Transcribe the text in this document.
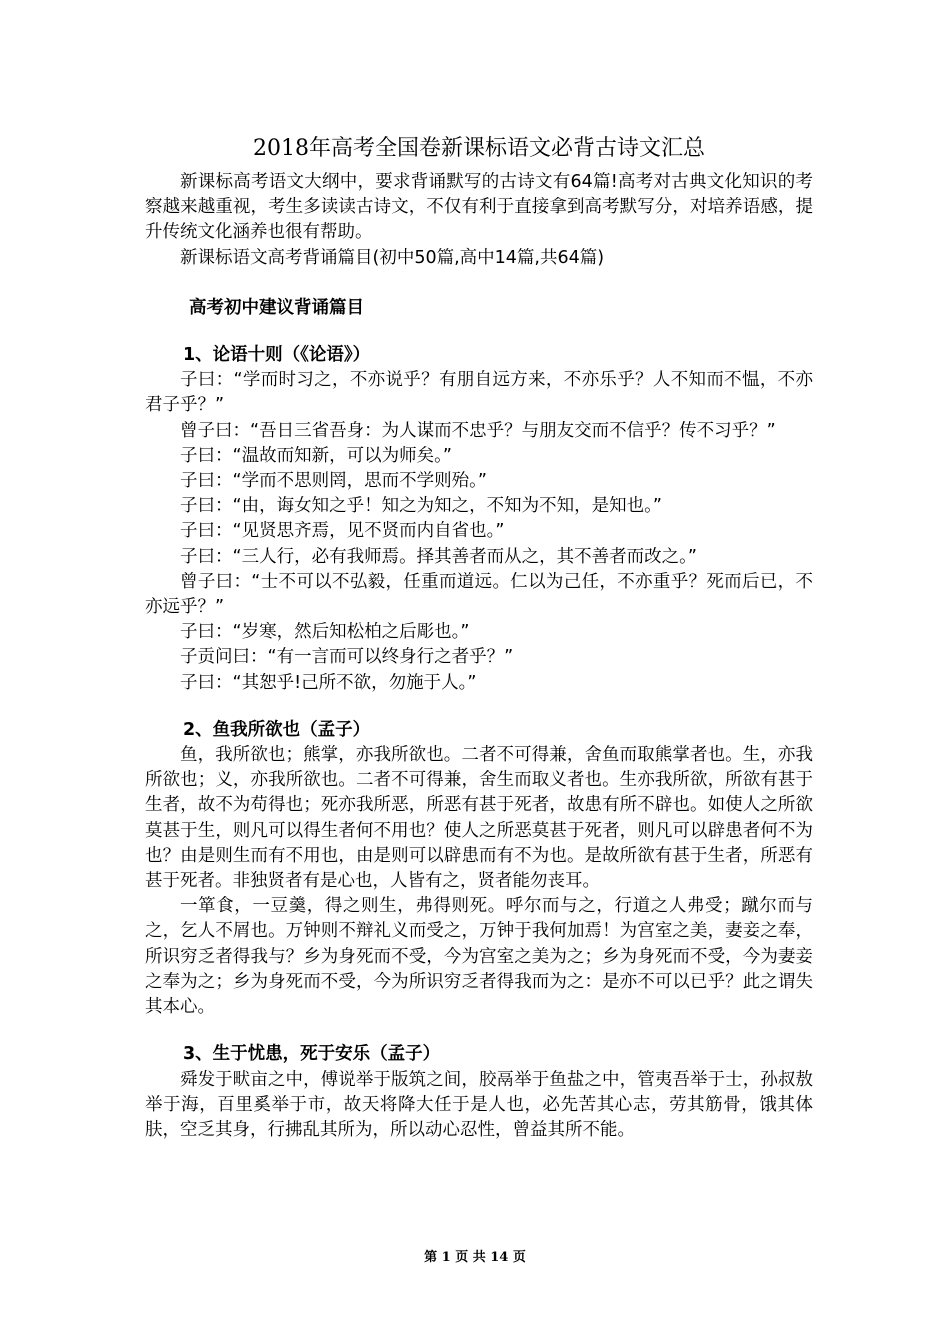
2018年高考全国卷新课标语文必背古诗文汇总

新课标高考语文大纲中，要求背诵默写的古诗文有64篇!高考对古典文化知识的考察越来越重视，考生多读读古诗文，不仅有利于直接拿到高考默写分，对培养语感，提升传统文化涵养也很有帮助。

新课标语文高考背诵篇目(初中50篇,高中14篇,共64篇)

高考初中建议背诵篇目

1、论语十则（《论语》）

子曰：“学而时习之，不亦说乎？有朋自远方来，不亦乐乎？人不知而不愠，不亦君子乎？”

曾子曰：“吾日三省吾身：为人谋而不忠乎？与朋友交而不信乎？传不习乎？”

子曰：“温故而知新，可以为师矣。”

子曰：“学而不思则罔，思而不学则殆。”

子曰：“由，诲女知之乎！知之为知之，不知为不知，是知也。”

子曰：“见贤思齐焉，见不贤而内自省也。”

子曰：“三人行，必有我师焉。择其善者而从之，其不善者而改之。”

曾子曰：“士不可以不弘毅，任重而道远。仁以为己任，不亦重乎？死而后已，不亦远乎？”

子曰：“岁寒，然后知松柏之后彫也。”

子贡问曰：“有一言而可以终身行之者乎？”

子曰：“其恕乎!己所不欲，勿施于人。”

2、鱼我所欲也（孟子）

鱼，我所欲也；熊掌，亦我所欲也。二者不可得兼，舍鱼而取熊掌者也。生，亦我所欲也；义，亦我所欲也。二者不可得兼，舍生而取义者也。生亦我所欲，所欲有甚于生者，故不为苟得也；死亦我所恶，所恶有甚于死者，故患有所不辟也。如使人之所欲莫甚于生，则凡可以得生者何不用也？使人之所恶莫甚于死者，则凡可以辟患者何不为也？由是则生而有不用也，由是则可以辟患而有不为也。是故所欲有甚于生者，所恶有甚于死者。非独贤者有是心也，人皆有之，贤者能勿丧耳。

一箪食，一豆羹，得之则生，弗得则死。呼尔而与之，行道之人弗受；蹴尔而与之，乞人不屑也。万钟则不辩礼义而受之，万钟于我何加焉！为宫室之美，妻妾之奉，所识穷乏者得我与？乡为身死而不受，今为宫室之美为之；乡为身死而不受，今为妻妾之奉为之；乡为身死而不受，今为所识穷乏者得我而为之：是亦不可以已乎？此之谓失其本心。

3、生于忧患，死于安乐（孟子）

舜发于畎亩之中，傅说举于版筑之间，胶鬲举于鱼盐之中，管夷吾举于士，孙叔敖举于海，百里奚举于市，故天将降大任于是人也，必先苦其心志，劳其筋骨，饿其体肤，空乏其身，行拂乱其所为，所以动心忍性，曾益其所不能。

第 1 页 共 14 页
